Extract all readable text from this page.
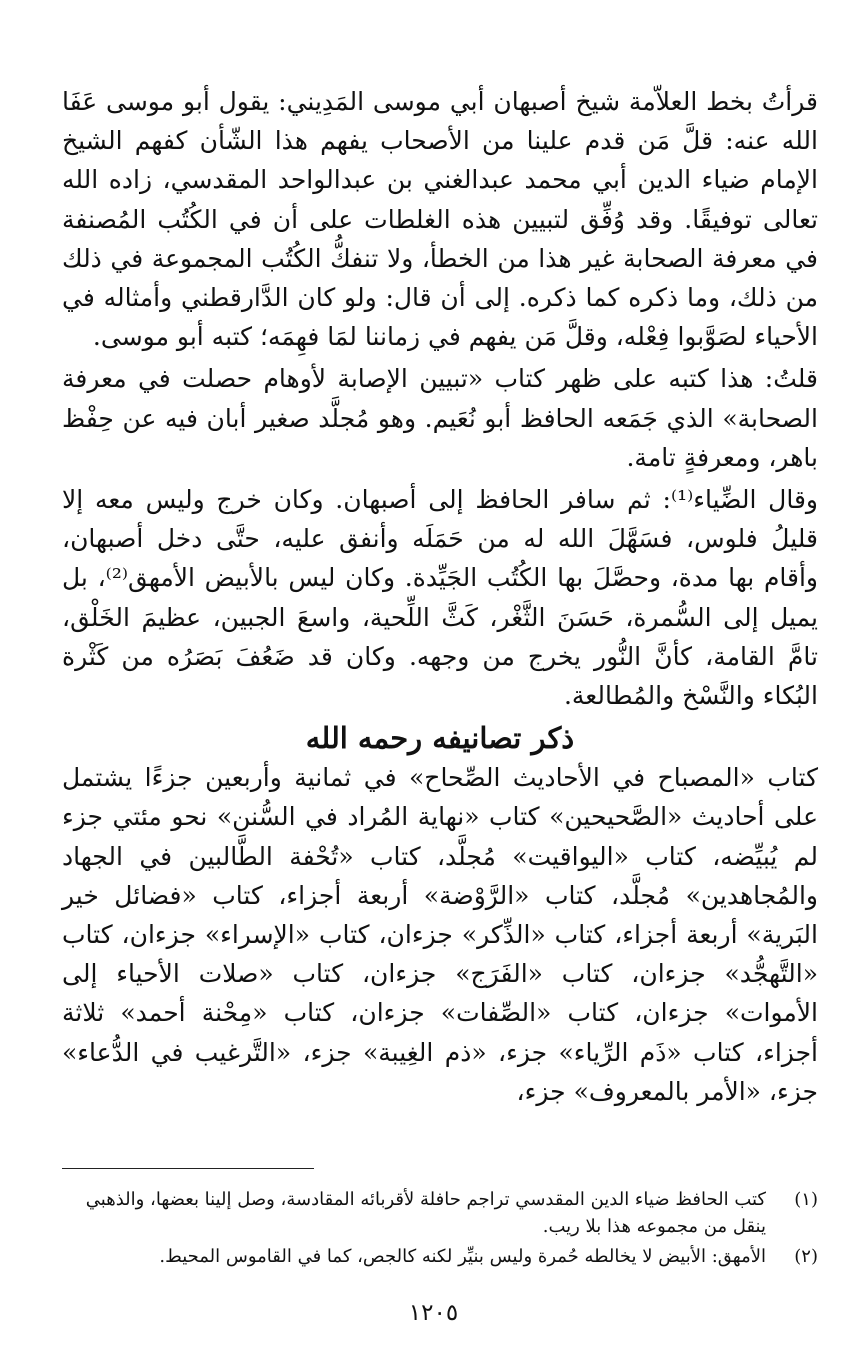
قرأتُ بخط العلاّمة شيخ أصبهان أبي موسى المَدِيني: يقول أبو موسى عَفَا الله عنه: قلَّ مَن قدم علينا من الأصحاب يفهم هذا الشّأن كفهم الشيخ الإمام ضياء الدين أبي محمد عبدالغني بن عبدالواحد المقدسي، زاده الله تعالى توفيقًا. وقد وُفِّق لتبيين هذه الغلطات على أن في الكُتُب المُصنفة في معرفة الصحابة غير هذا من الخطأ، ولا تنفكُّ الكُتُب المجموعة في ذلك من ذلك، وما ذكره كما ذكره. إلى أن قال: ولو كان الدَّارقطني وأمثاله في الأحياء لصَوَّبوا فِعْله، وقلَّ مَن يفهم في زماننا لمَا فهِمَه؛ كتبه أبو موسى.

قلتُ: هذا كتبه على ظهر كتاب «تبيين الإصابة لأوهام حصلت في معرفة الصحابة» الذي جَمَعه الحافظ أبو نُعَيم. وهو مُجلَّد صغير أبان فيه عن حِفْظ باهر، ومعرفةٍ تامة.

وقال الضِّياء⁽¹⁾: ثم سافر الحافظ إلى أصبهان. وكان خرج وليس معه إلا قليلُ فلوس، فسَهَّلَ الله له من حَمَلَه وأنفق عليه، حتَّى دخل أصبهان، وأقام بها مدة، وحصَّلَ بها الكُتُب الجَيِّدة. وكان ليس بالأبيض الأمهق⁽²⁾، بل يميل إلى السُّمرة، حَسَنَ الثَّغْر، كَثَّ اللِّحية، واسعَ الجبين، عظيمَ الخَلْق، تامَّ القامة، كأنَّ النُّور يخرج من وجهه. وكان قد ضَعُفَ بَصَرُه من كَثْرة البُكاء والنَّسْخ والمُطالعة.

ذكر تصانيفه رحمه الله

كتاب «المصباح في الأحاديث الصِّحاح» في ثمانية وأربعين جزءًا يشتمل على أحاديث «الصَّحيحين» كتاب «نهاية المُراد في السُّنن» نحو مئتي جزء لم يُبيِّضه، كتاب «اليواقيت» مُجلَّد، كتاب «تُحْفة الطَّالبين في الجهاد والمُجاهدين» مُجلَّد، كتاب «الرَّوْضة» أربعة أجزاء، كتاب «فضائل خير البَرية» أربعة أجزاء، كتاب «الذِّكر» جزءان، كتاب «الإسراء» جزءان، كتاب «التَّهجُّد» جزءان، كتاب «الفَرَج» جزءان، كتاب «صلات الأحياء إلى الأموات» جزءان، كتاب «الصِّفات» جزءان، كتاب «مِحْنة أحمد» ثلاثة أجزاء، كتاب «ذَم الرِّياء» جزء، «ذم الغِيبة» جزء، «التَّرغيب في الدُّعاء» جزء، «الأمر بالمعروف» جزء،

(١)
كتب الحافظ ضياء الدين المقدسي تراجم حافلة لأقربائه المقادسة، وصل إلينا بعضها، والذهبي ينقل من مجموعه هذا بلا ريب.
(٢)
الأمهق: الأبيض لا يخالطه حُمرة وليس بنيِّر لكنه كالجص، كما في القاموس المحيط.
١٢٠٥
